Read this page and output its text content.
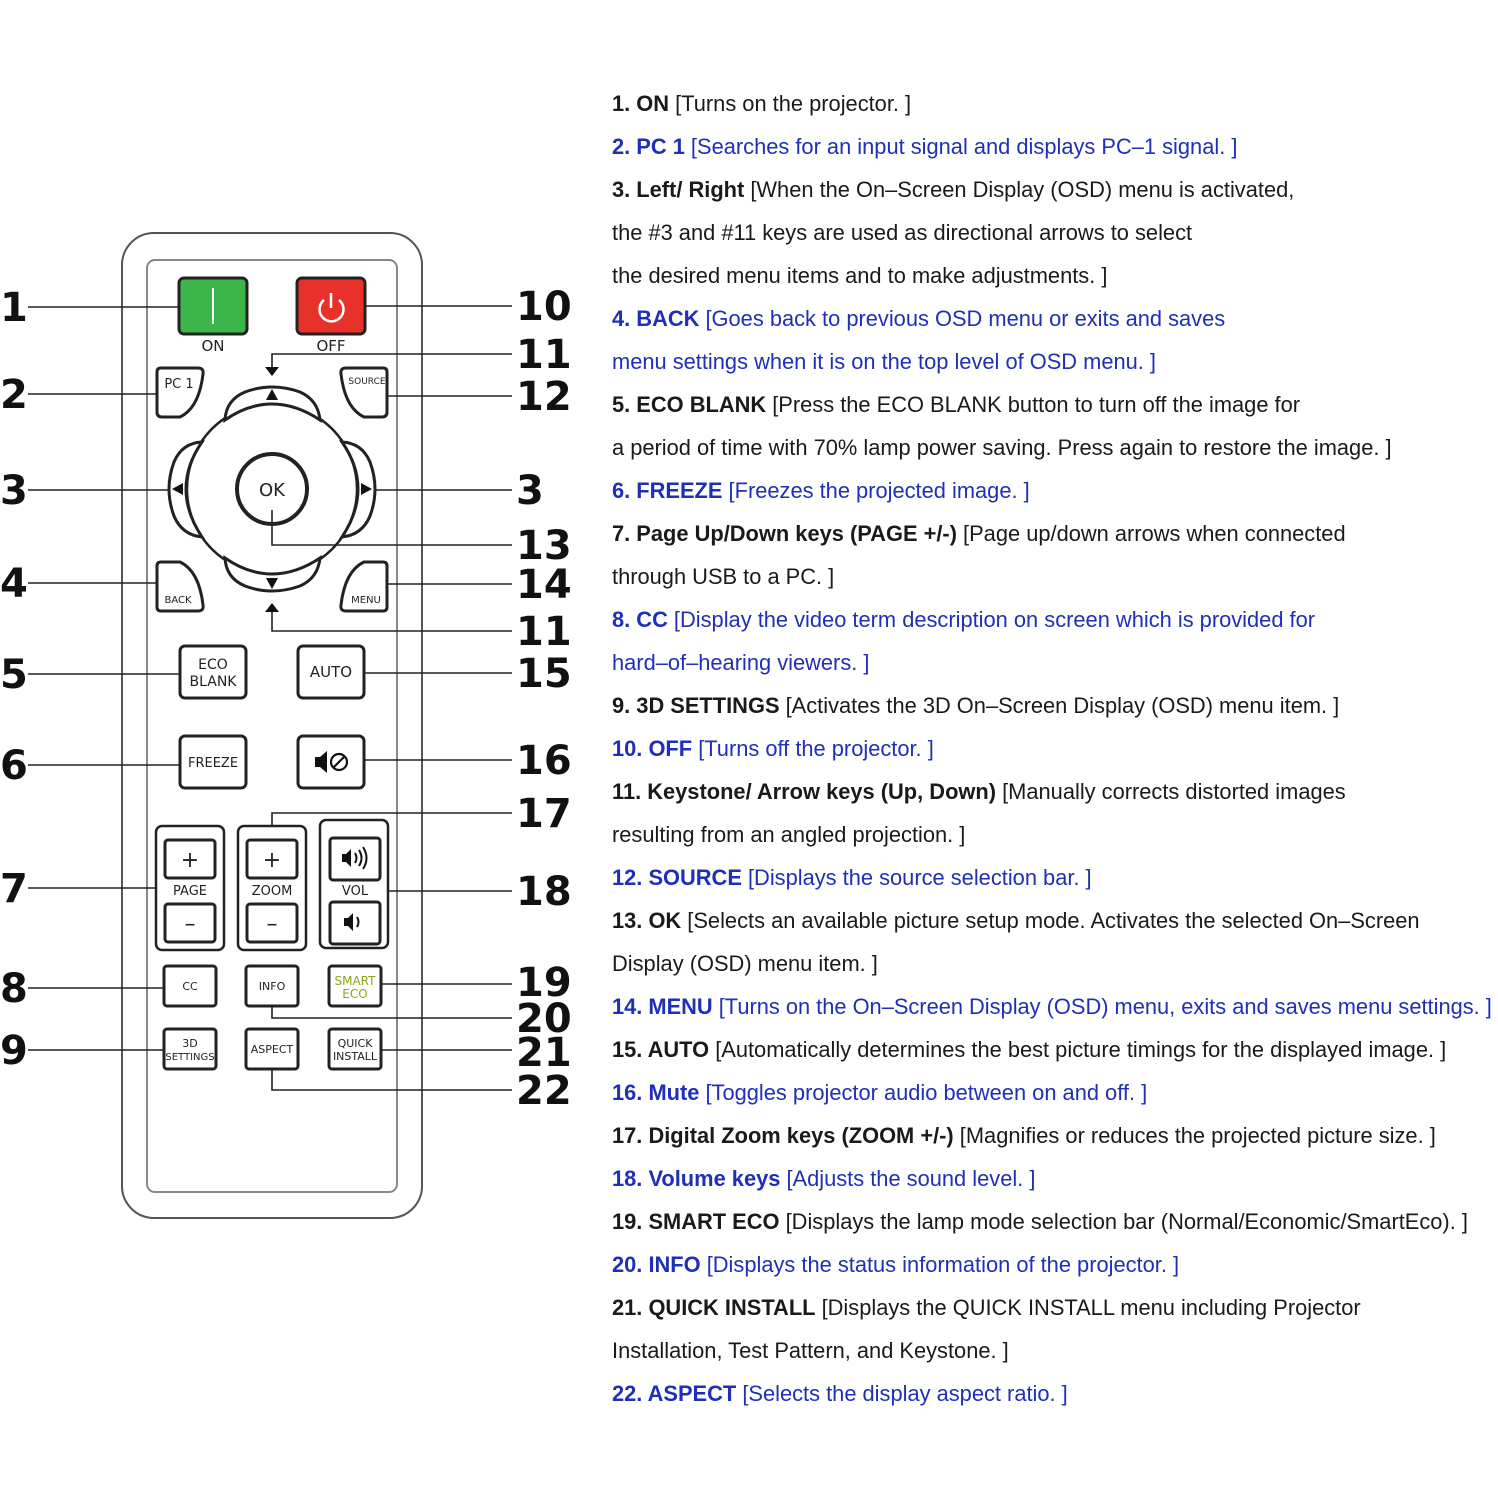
ON	OFF
PC 1	SOURCE
OK
BACK	MENU
ECO
BLANK
AUTO
FREEZE
+
PAGE
–
+
ZOOM
–
VOL
CC	INFO	SMART
ECO
3D
SETTINGS
ASPECT	QUICK
INSTALL
1
2
3
4
5
6
7
8
9
10
11
12
3
13
14
11
15
16
17
18
19
20
21
22
1. ON [Turns on the projector. ]
2. PC 1 [Searches for an input signal and displays PC–1 signal. ]
3. Left/ Right [When the On–Screen Display (OSD) menu is activated,
the #3 and #11 keys are used as directional arrows to select
the desired menu items and to make adjustments. ]
4. BACK [Goes back to previous OSD menu or exits and saves
menu settings when it is on the top level of OSD menu. ]
5. ECO BLANK [Press the ECO BLANK button to turn off the image for
a period of time with 70% lamp power saving. Press again to restore the image. ]
6. FREEZE [Freezes the projected image. ]
7. Page Up/Down keys (PAGE +/-) [Page up/down arrows when connected
through USB to a PC. ]
8. CC [Display the video term description on screen which is provided for
hard–of–hearing viewers. ]
9. 3D SETTINGS [Activates the 3D On–Screen Display (OSD) menu item. ]
10. OFF [Turns off the projector. ]
11. Keystone/ Arrow keys (Up, Down) [Manually corrects distorted images
resulting from an angled projection. ]
12. SOURCE [Displays the source selection bar. ]
13. OK [Selects an available picture setup mode. Activates the selected On–Screen
Display (OSD) menu item. ]
14. MENU [Turns on the On–Screen Display (OSD) menu, exits and saves menu settings. ]
15. AUTO [Automatically determines the best picture timings for the displayed image. ]
16. Mute [Toggles projector audio between on and off. ]
17. Digital Zoom keys (ZOOM +/-) [Magnifies or reduces the projected picture size. ]
18. Volume keys [Adjusts the sound level. ]
19. SMART ECO [Displays the lamp mode selection bar (Normal/Economic/SmartEco). ]
20. INFO [Displays the status information of the projector. ]
21. QUICK INSTALL [Displays the QUICK INSTALL menu including Projector
Installation, Test Pattern, and Keystone. ]
22. ASPECT [Selects the display aspect ratio. ]
